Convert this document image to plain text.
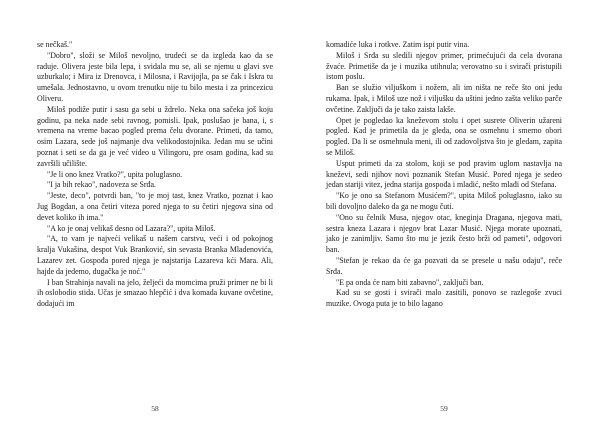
se nečkaš."

"Dobro", složi se Miloš nevoljno, trudeći se da izgleda kao da se raduje. Olivera jeste bila lepa, i svidala mu se, ali se njemu u glavi sve uzburkalo; i Mira iz Drenovca, i Milosna, i Ravijojla, pa se čak i Iskra tu umešala. Jednostavno, u ovom trenutku nije tu bilo mesta i za princezicu Oliveru.

Miloš podiže putir i sasu ga sebi u ždrelo. Neka ona sačeka još koju godinu, pa neka nađe sebi ravnog, pomisli. Ipak, poslušao je bana, i, s vremena na vreme bacao pogled prema čelu dvorane. Primeti, da tamo, osim Lazara, sede još najmanje dva velikodostojnika. Jedan mu se učini poznat i seti se da ga je već video u Vilingoru, pre osam godina, kad su završili učilište.

"Je li ono knez Vratko?", upita poluglasno.

"I ja bih rekao", nadoveza se Srđa.

"Jeste, deco", potvrdi ban, "to je moj tast, knez Vratko, poznat i kao Jug Bogdan, a ona četiri viteza pored njega to su četiri njegova sina od devet koliko ih ima."

"A ko je onaj velikaš desno od Lazara?", upita Miloš.

"A, to vam je najveći velikaš u našem carstvu, veći i od pokojnog kralja Vukašina, despot Vuk Branković, sin sevasta Branka Mladenovića, Lazarev zet. Gospođa pored njega je najstarija Lazareva kći Mara. Ali, hajde da jedemo, dugačka je noć."

I ban Strahinja navali na jelo, željeći da momcima pruži primer ne bi li ih oslobodio stida. Učas je smazao hlepčić i dva komada kuvane ovčetine, dodajući im

58

komadiće luka i rotkve. Zatim ispi putir vina.

Miloš i Srđa su sledili njegov primer, primećujući da cela dvorana žvaće. Primetiše da je i muzika utihnula; verovatno su i svirači pristupili istom poslu.

Ban se služio viljuškom i nožem, ali im ništa ne reče što oni jedu rukama. Ipak, i Miloš uze nož i viljušku da uštini jedno zašta veliko parče ovčetine. Zaključi da je tako zaista lakše.

Opet je pogledao ka kneževom stolu i opet susrete Oliverin užareni pogled. Kad je primetila da je gleda, ona se osmehnu i smerno obori pogled. Da li se osmehnula meni, ili od zadovoljstva što je gledam, zapita se Miloš.

Usput primeti da za stolom, koji se pod pravim uglom nastavlja na kneževi, sedi njihov novi poznanik Stefan Musić. Pored njega je sedeo jedan stariji vitez, jedna starija gospođa i mladić, nešto mlađi od Stefana.

"Ko je ono sa Stefanom Musićem?", upita Miloš poluglasno, iako su bili dovoljno daleko da ga ne mogu čuti.

"Ono su čelnik Musa, njegov otac, kneginja Dragana, njegova mati, sestra kneza Lazara i njegov brat Lazar Musić. Njega morate upoznati, jako je zanimljiv. Samo što mu je jezik često brži od pameti", odgovori ban.

"Stefan je rekao da će ga pozvati da se presele u našu odaju", reče Srđa.

"E pa onda će nam biti zabavno", zaključi ban.

Kad su se gosti i svirači malo zasitili, ponovo se razlegoše zvuci muzike. Ovoga puta je to bilo lagano

59
